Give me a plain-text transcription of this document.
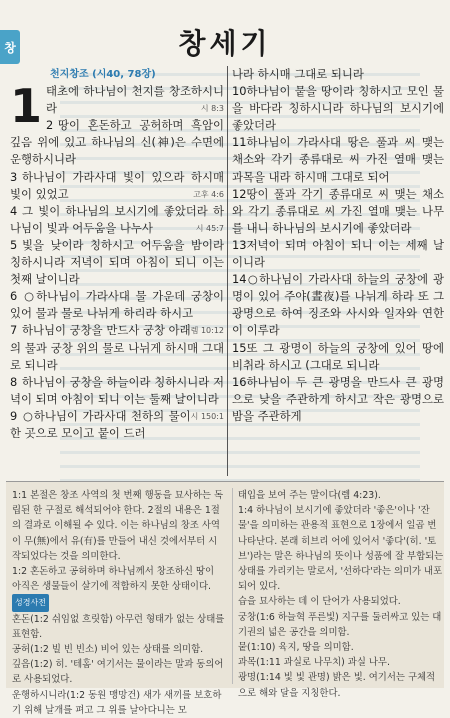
창	창세기
천지창조 (시40, 78장)
1 태초에 하나님이 천지를 창조하시니라	시 8:3
2땅이 혼돈하고 공허하며 흑암이 깊음 위에 있고 하나님의 신(神)은 수면에 운행하시니라
3하나님이 가라사대 빛이 있으라 하시매 빛이 있었고	고후 4:6
4그 빛이 하나님의 보시기에 좋았더라 하나님이 빛과 어두움을 나누사	시 45:7
5빛을 낮이라 칭하시고 어두움을 밤이라 칭하시니라 저녁이 되며 아침이 되니 이는 첫째 날이니라
6○하나님이 가라사대 물 가운데 궁창이 있어 물과 물로 나뉘게 하리라 하시고
렘 10:12
7하나님이 궁창을 만드사 궁창 아래의 물과 궁창 위의 물로 나뉘게 하시매 그대로 되니라
8하나님이 궁창을 하늘이라 칭하시니라 저녁이 되며 아침이 되니 이는 둘째 날이니라
시 150:1
9○하나님이 가라사대 천하의 물이 한 곳으로 모이고 뭍이 드러
나라 하시매 그대로 되니라
10하나님이 뭍을 땅이라 칭하시고 모인 물을 바다라 칭하시니라 하나님의 보시기에 좋았더라
11하나님이 가라사대 땅은 풀과 씨 맺는 채소와 각기 종류대로 씨 가진 열매 맺는 과목을 내라 하시매 그대로 되어
12땅이 풀과 각기 종류대로 씨 맺는 채소와 각기 종류대로 씨 가진 열매 맺는 나무를 내니 하나님의 보시기에 좋았더라
13저녁이 되며 아침이 되니 이는 세째 날이니라
14○하나님이 가라사대 하늘의 궁창에 광명이 있어 주야(晝夜)를 나뉘게 하라 또 그 광명으로 하여 징조와 사시와 일자와 연한이 이루라
15또 그 광명이 하늘의 궁창에 있어 땅에 비취라 하시고 (그대로 되니라
16하나님이 두 큰 광명을 만드사 큰 광명으로 낮을 주관하게 하시고 작은 광명으로 밤을 주관하게
1:1 본절은 창조 사역의 첫 번째 행동을 묘사하는 독립된 한 구절로 해석되어야 한다. 2절의 내용은 1절의 결과로 이해될 수 있다. 이는 하나님의 창조 사역이 무(無)에서 유(有)를 만들어 내신 것에서부터 시작되었다는 것을 의미한다.
1:2 혼돈하고 공허하며 하나님께서 창조하신 땅이 아직은 생물들이 살기에 적합하지 못한 상태이다.
성경사전
혼돈(1:2 쉬임없 흐릿함) 아무런 형태가 없는 상태를 표현함.
공허(1:2 빌 빈 빈소) 비어 있는 상태를 의미함.
깊음(1:2) 히. '테홈' 여기서는 물이라는 말과 동의어로 사용되었다.
운행하시니라(1:2 동원 맹망건) 새가 새끼를 보호하기 위해 날개를 펴고 그 위를 날아다니는 모
태입을 보여 주는 말이다(렘 4:23).
1:4 하나님이 보시기에 좋았더라 '좋은'이나 '잔물'을 의미하는 관용적 표현으로 1장에서 일곱 번 나타난다. 본래 히브리 어에 있어서 '좋다'(히. '토브')라는 말은 하나님의 뜻이나 성품에 잘 부합되는 상태를 가리키는 말로서, '선하다'라는 의미가 내포되어 있다.
습을 묘사하는 데 이 단어가 사용되었다.
궁창(1:6 하늘혁 푸른빛) 지구를 둘러싸고 있는 대기권의 넓은 공간을 의미함.
뭍(1:10) 육지, 땅을 의미함.
과목(1:11 과실로 나무치) 과실 나무.
광명(1:14 빛 빛 관명) 밝은 빛. 여기서는 구체적으로 해와 달을 지칭한다.
